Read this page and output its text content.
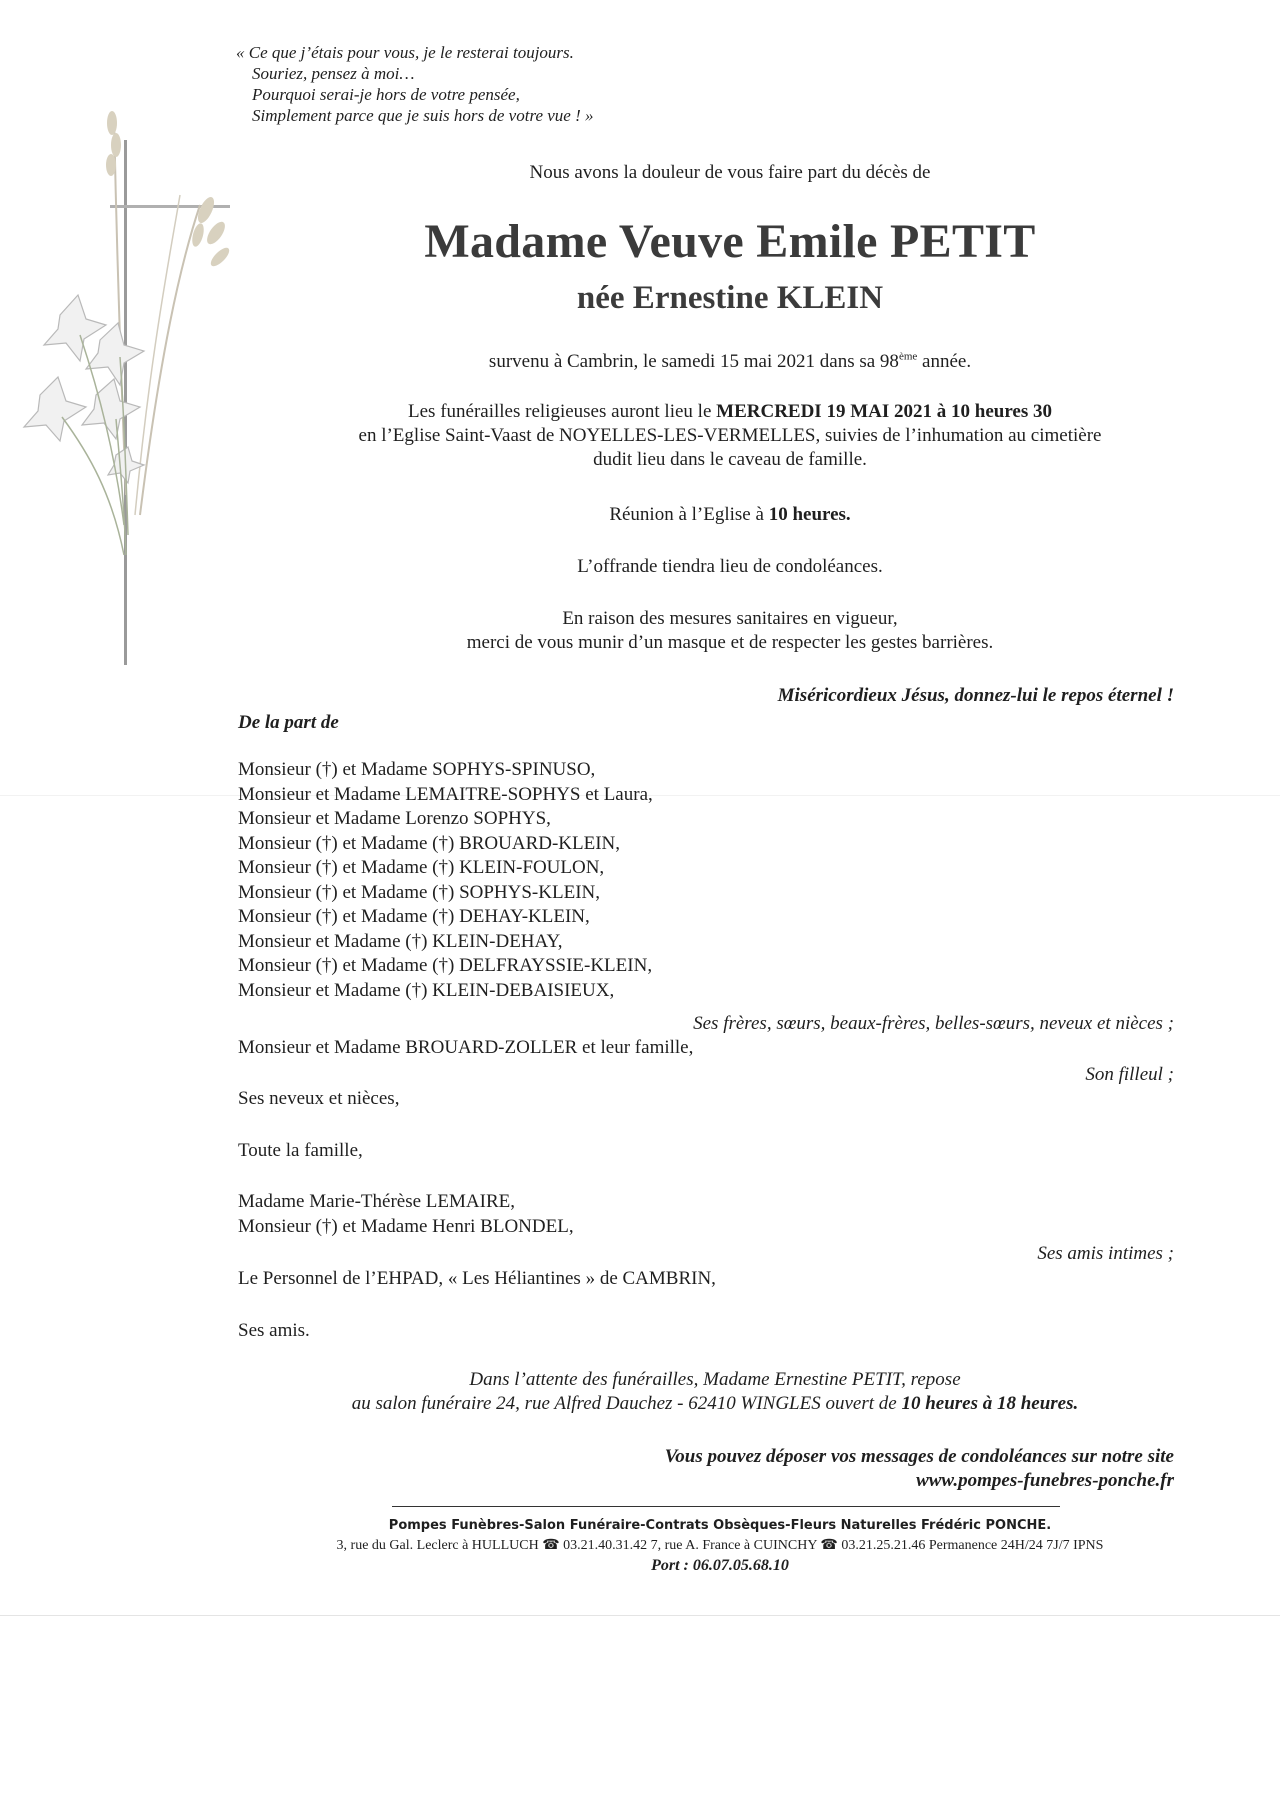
« Ce que j’étais pour vous, je le resterai toujours.
Souriez, pensez à moi…
Pourquoi serai-je hors de votre pensée,
Simplement parce que je suis hors de votre vue ! »
Nous avons la douleur de vous faire part du décès de
Madame Veuve Emile PETIT
née Ernestine KLEIN
survenu à Cambrin, le samedi 15 mai 2021 dans sa 98ème année.
Les funérailles religieuses auront lieu le MERCREDI 19 MAI 2021 à 10 heures 30
en l’Eglise Saint-Vaast de NOYELLES-LES-VERMELLES, suivies de l’inhumation au cimetière
dudit lieu dans le caveau de famille.
Réunion à l’Eglise à 10 heures.
L’offrande tiendra lieu de condoléances.
En raison des mesures sanitaires en vigueur,
merci de vous munir d’un masque et de respecter les gestes barrières.
Miséricordieux Jésus, donnez-lui le repos éternel !
De la part de
Monsieur (†) et Madame SOPHYS-SPINUSO,
Monsieur et Madame LEMAITRE-SOPHYS et Laura,
Monsieur et Madame Lorenzo SOPHYS,
Monsieur (†) et Madame (†) BROUARD-KLEIN,
Monsieur (†) et Madame (†) KLEIN-FOULON,
Monsieur (†) et Madame (†) SOPHYS-KLEIN,
Monsieur (†) et Madame (†) DEHAY-KLEIN,
Monsieur et Madame (†) KLEIN-DEHAY,
Monsieur (†) et Madame (†) DELFRAYSSIE-KLEIN,
Monsieur et Madame (†) KLEIN-DEBAISIEUX,
Ses frères, sœurs, beaux-frères, belles-sœurs, neveux et nièces ;
Monsieur et Madame BROUARD-ZOLLER et leur famille,
Son filleul ;
Ses neveux et nièces,
Toute la famille,
Madame Marie-Thérèse LEMAIRE,
Monsieur (†) et Madame Henri BLONDEL,
Ses amis intimes ;
Le Personnel de l’EHPAD, « Les Héliantines » de CAMBRIN,
Ses amis.
Dans l’attente des funérailles, Madame Ernestine PETIT, repose
au salon funéraire 24, rue Alfred Dauchez - 62410 WINGLES ouvert de 10 heures à 18 heures.
Vous pouvez déposer vos messages de condoléances sur notre site
www.pompes-funebres-ponche.fr
Pompes Funèbres-Salon Funéraire-Contrats Obsèques-Fleurs Naturelles Frédéric PONCHE.
3, rue du Gal. Leclerc à HULLUCH ☎ 03.21.40.31.42 7, rue A. France à CUINCHY ☎ 03.21.25.21.46 Permanence 24H/24 7J/7 IPNS
Port : 06.07.05.68.10
